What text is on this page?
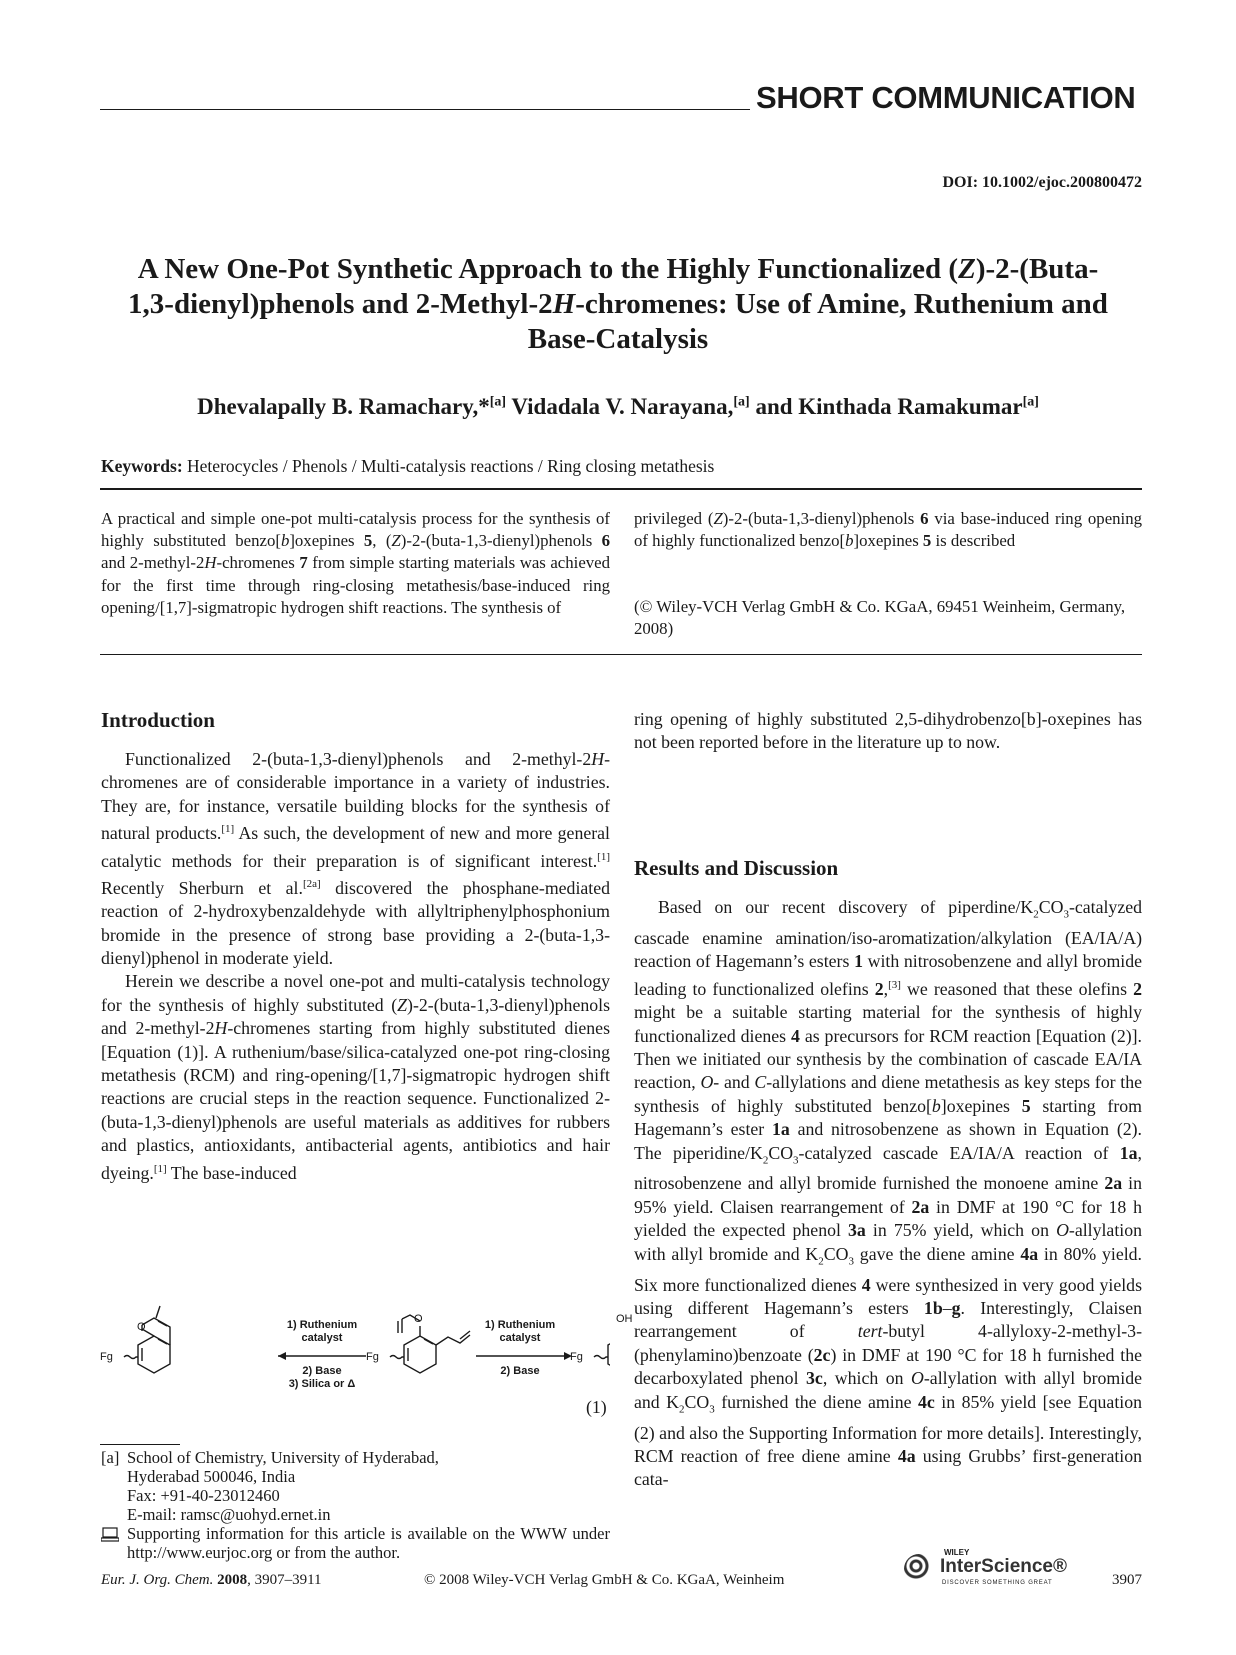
SHORT COMMUNICATION
DOI: 10.1002/ejoc.200800472
A New One-Pot Synthetic Approach to the Highly Functionalized (Z)-2-(Buta-
1,3-dienyl)phenols and 2-Methyl-2H-chromenes: Use of Amine, Ruthenium and
Base-Catalysis
Dhevalapally B. Ramachary,*[a] Vidadala V. Narayana,[a] and Kinthada Ramakumar[a]
Keywords: Heterocycles / Phenols / Multi-catalysis reactions / Ring closing metathesis
A practical and simple one-pot multi-catalysis process for the synthesis of highly substituted benzo[b]oxepines 5, (Z)-2-(buta-1,3-dienyl)phenols 6 and 2-methyl-2H-chromenes 7 from simple starting materials was achieved for the first time through ring-closing metathesis/base-induced ring opening/[1,7]-sigmatropic hydrogen shift reactions. The synthesis of
privileged (Z)-2-(buta-1,3-dienyl)phenols 6 via base-induced ring opening of highly functionalized benzo[b]oxepines 5 is described
(© Wiley-VCH Verlag GmbH & Co. KGaA, 69451 Weinheim, Germany, 2008)
Introduction

Functionalized 2-(buta-1,3-dienyl)phenols and 2-methyl-2H-chromenes are of considerable importance in a variety of industries. They are, for instance, versatile building blocks for the synthesis of natural products.[1] As such, the development of new and more general catalytic methods for their preparation is of significant interest.[1] Recently Sherburn et al.[2a] discovered the phosphane-mediated reaction of 2-hydroxybenzaldehyde with allyltriphenylphosphonium bromide in the presence of strong base providing a 2-(buta-1,3-dienyl)phenol in moderate yield.

Herein we describe a novel one-pot and multi-catalysis technology for the synthesis of highly substituted (Z)-2-(buta-1,3-dienyl)phenols and 2-methyl-2H-chromenes starting from highly substituted dienes [Equation (1)]. A ruthenium/base/silica-catalyzed one-pot ring-closing metathesis (RCM) and ring-opening/[1,7]-sigmatropic hydrogen shift reactions are crucial steps in the reaction sequence. Functionalized 2-(buta-1,3-dienyl)phenols are useful materials as additives for rubbers and plastics, antioxidants, antibacterial agents, antibiotics and hair dyeing.[1] The base-induced

Fg
O	1) Ruthenium catalyst
2) Base
3) Silica or Δ
Fg
O	1) Ruthenium catalyst
2) Base
Fg
OH
(1)
[a] School of Chemistry, University of Hyderabad,
Hyderabad 500046, India
Fax: +91-40-23012460
E-mail: ramsc@uohyd.ernet.in
Supporting information for this article is available on the WWW under http://www.eurjoc.org or from the author.
ring opening of highly substituted 2,5-dihydrobenzo[b]-oxepines has not been reported before in the literature up to now.
Results and Discussion

Based on our recent discovery of piperdine/$K_2CO_3$-catalyzed cascade enamine amination/iso-aromatization/alkylation (EA/IA/A) reaction of Hagemann’s esters 1 with nitrosobenzene and allyl bromide leading to functionalized olefins 2,[3] we reasoned that these olefins 2 might be a suitable starting material for the synthesis of highly functionalized dienes 4 as precursors for RCM reaction [Equation (2)]. Then we initiated our synthesis by the combination of cascade EA/IA reaction, O- and C-allylations and diene metathesis as key steps for the synthesis of highly substituted benzo[b]oxepines 5 starting from Hagemann’s ester 1a and nitrosobenzene as shown in Equation (2). The piperidine/$K_2CO_3$-catalyzed cascade EA/IA/A reaction of 1a, nitrosobenzene and allyl bromide furnished the monoene amine 2a in 95% yield. Claisen rearrangement of 2a in DMF at 190 °C for 18 h yielded the expected phenol 3a in 75% yield, which on O-allylation with allyl bromide and $K_2CO_3$ gave the diene amine 4a in 80% yield. Six more functionalized dienes 4 were synthesized in very good yields using different Hagemann’s esters 1b–g. Interestingly, Claisen rearrangement of tert-butyl 4-allyloxy-2-methyl-3-(phenylamino)benzoate (2c) in DMF at 190 °C for 18 h furnished the decarboxylated phenol 3c, which on O-allylation with allyl bromide and $K_2CO_3$ furnished the diene amine 4c in 85% yield [see Equation (2) and also the Supporting Information for more details]. Interestingly, RCM reaction of free diene amine 4a using Grubbs’ first-generation cata-

Eur. J. Org. Chem. 2008, 3907–3911	© 2008 Wiley-VCH Verlag GmbH & Co. KGaA, Weinheim
WILEY
InterScience®
DISCOVER SOMETHING GREAT	3907
